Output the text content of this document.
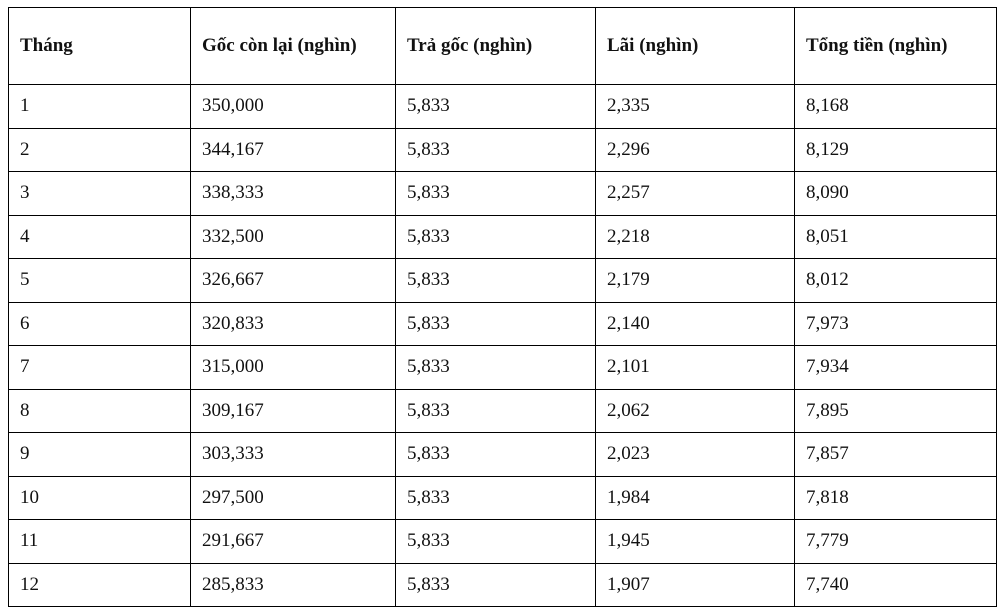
Tháng	Gốc còn lại (nghìn)	Trả gốc (nghìn)	Lãi (nghìn)	Tổng tiền (nghìn)
1	350,000	5,833	2,335	8,168
2	344,167	5,833	2,296	8,129
3	338,333	5,833	2,257	8,090
4	332,500	5,833	2,218	8,051
5	326,667	5,833	2,179	8,012
6	320,833	5,833	2,140	7,973
7	315,000	5,833	2,101	7,934
8	309,167	5,833	2,062	7,895
9	303,333	5,833	2,023	7,857
10	297,500	5,833	1,984	7,818
11	291,667	5,833	1,945	7,779
12	285,833	5,833	1,907	7,740
